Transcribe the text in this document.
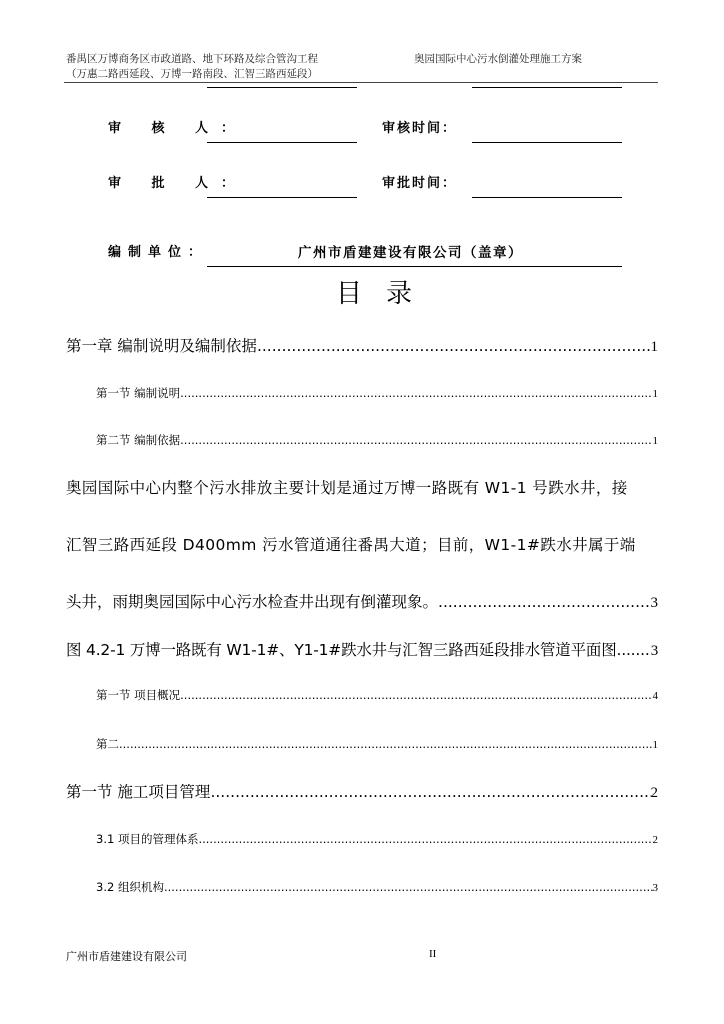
番禺区万博商务区市政道路、地下环路及综合管沟工程
（万惠二路西延段、万博一路南段、汇智三路西延段）
奥园国际中心污水倒灌处理施工方案
审 核 人：	审核时间：
审 批 人：	审批时间：
编制单位：	广州市盾建建设有限公司（盖章）
目录
第一章 编制说明及编制依据 .....	1
第一节 编制说明 .....	1
第二节 编制依据 .....	1
奥园国际中心内整个污水排放主要计划是通过万博一路既有 W1-1 号跌水井，接
汇智三路西延段 D400mm 污水管道通往番禺大道；目前，W1-1#跌水井属于端
头井，雨期奥园国际中心污水检查井出现有倒灌现象。 .....	3
图 4.2-1 万博一路既有 W1-1#、Y1-1#跌水井与汇智三路西延段排水管道平面图 ..... 3
第一节 项目概况 .....	4
第二 .....	1
第一节 施工项目管理 .....	2
3.1 项目的管理体系 .....	2
3.2 组织机构 .....	3
广州市盾建建设有限公司	II
